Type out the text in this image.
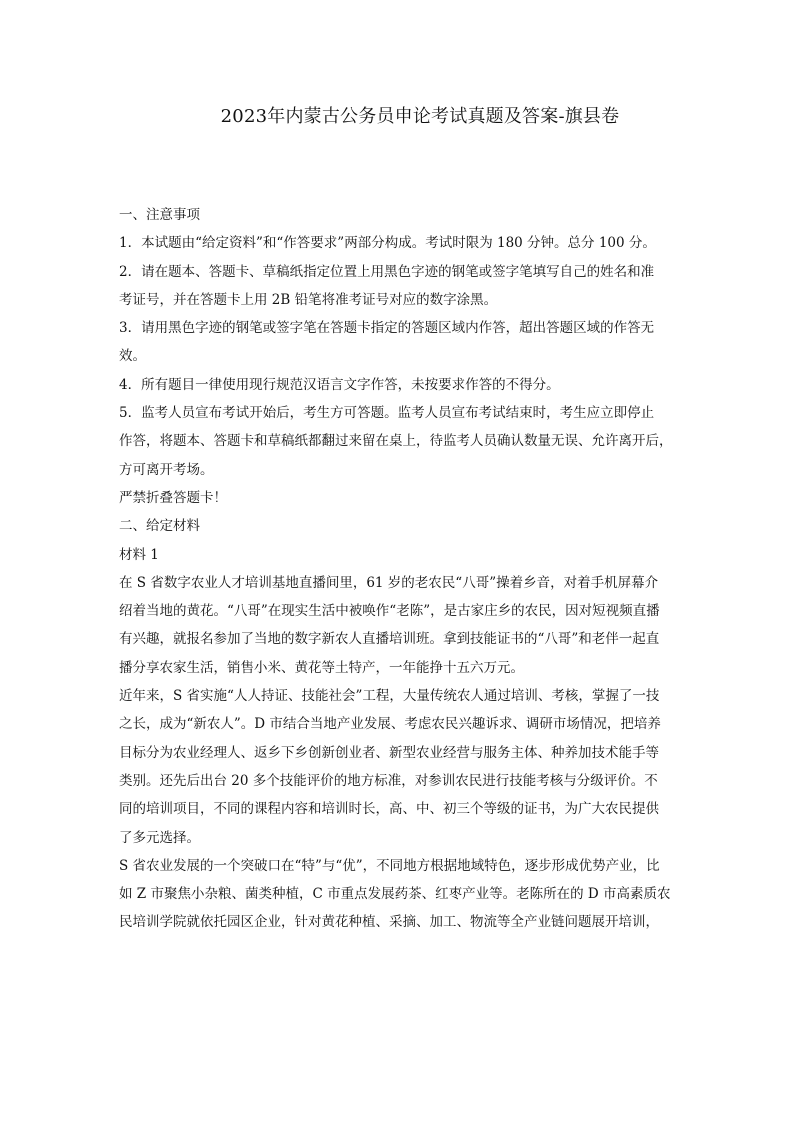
2023年内蒙古公务员申论考试真题及答案-旗县卷
一、注意事项
1．本试题由“给定资料”和“作答要求”两部分构成。考试时限为 180 分钟。总分 100 分。
2．请在题本、答题卡、草稿纸指定位置上用黑色字迹的钢笔或签字笔填写自己的姓名和准
考证号，并在答题卡上用 2B 铅笔将准考证号对应的数字涂黑。
3．请用黑色字迹的钢笔或签字笔在答题卡指定的答题区域内作答，超出答题区域的作答无
效。
4．所有题目一律使用现行规范汉语言文字作答，未按要求作答的不得分。
5．监考人员宣布考试开始后，考生方可答题。监考人员宣布考试结束时，考生应立即停止
作答，将题本、答题卡和草稿纸都翻过来留在桌上，待监考人员确认数量无误、允许离开后，
方可离开考场。
严禁折叠答题卡！
二、给定材料
材料 1
在 S 省数字农业人才培训基地直播间里，61 岁的老农民“八哥”操着乡音，对着手机屏幕介
绍着当地的黄花。“八哥”在现实生活中被唤作“老陈”，是古家庄乡的农民，因对短视频直播
有兴趣，就报名参加了当地的数字新农人直播培训班。拿到技能证书的“八哥”和老伴一起直
播分享农家生活，销售小米、黄花等土特产，一年能挣十五六万元。
近年来，S 省实施“人人持证、技能社会”工程，大量传统农人通过培训、考核，掌握了一技
之长，成为“新农人”。D 市结合当地产业发展、考虑农民兴趣诉求、调研市场情况，把培养
目标分为农业经理人、返乡下乡创新创业者、新型农业经营与服务主体、种养加技术能手等
类别。还先后出台 20 多个技能评价的地方标准，对参训农民进行技能考核与分级评价。不
同的培训项目，不同的课程内容和培训时长，高、中、初三个等级的证书，为广大农民提供
了多元选择。
S 省农业发展的一个突破口在“特”与“优”，不同地方根据地域特色，逐步形成优势产业，比
如 Z 市聚焦小杂粮、菌类种植，C 市重点发展药茶、红枣产业等。老陈所在的 D 市高素质农
民培训学院就依托园区企业，针对黄花种植、采摘、加工、物流等全产业链问题展开培训，
